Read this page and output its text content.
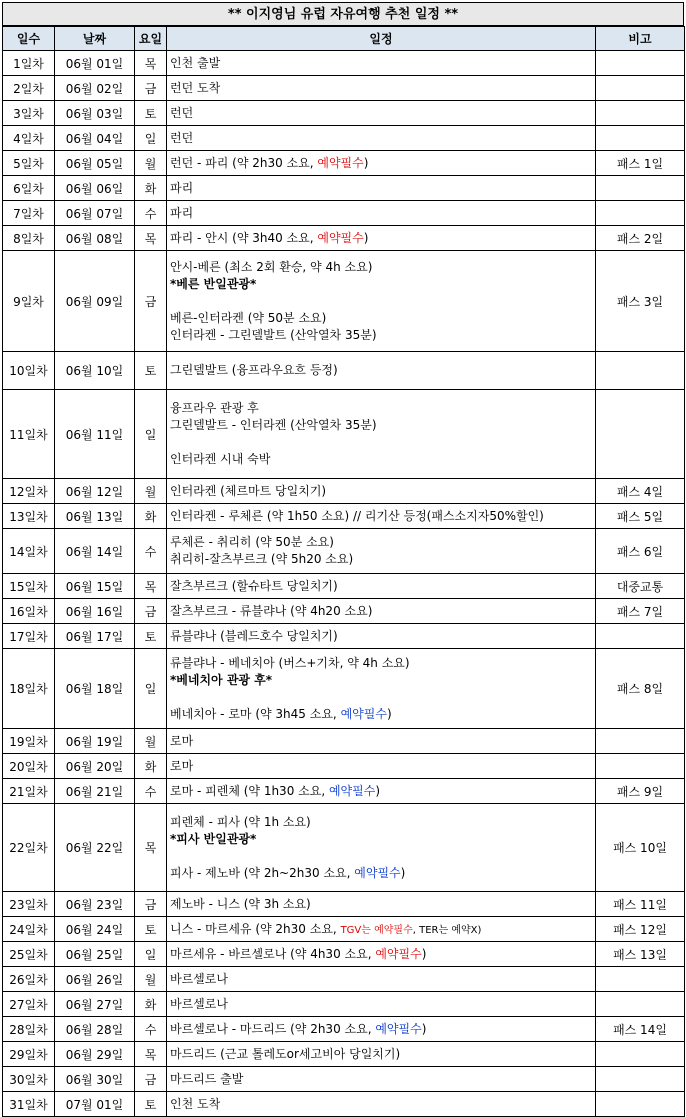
** 이지영님 유럽 자유여행 추천 일정 **
일수	날짜	요일	일정	비고
1일차	06월 01일	목	인천 출발	

2일차	06월 02일	금	런던 도착	

3일차	06월 03일	토	런던	

4일차	06월 04일	일	런던	

5일차	06월 05일	월	런던 - 파리 (약 2h30 소요, 예약필수)	패스 1일
6일차	06월 06일	화	파리	

7일차	06월 07일	수	파리	

8일차	06월 08일	목	파리 - 안시 (약 3h40 소요, 예약필수)	패스 2일
9일차	06월 09일	금	안시-베른 (최소 2회 환승, 약 4h 소요)
*베른 반일관광*
베른-인터라켄 (약 50분 소요)
인터라켄 - 그린델발트 (산악열차 35분)	패스 3일
10일차	06월 10일	토	그린델발트 (융프라우요흐 등정)	

11일차	06월 11일	일	융프라우 관광 후
그린델발트 - 인터라켄 (산악열차 35분)
인터라켄 시내 숙박	

12일차	06월 12일	월	인터라켄 (체르마트 당일치기)	패스 4일
13일차	06월 13일	화	인터라켄 - 루체른 (약 1h50 소요) // 리기산 등정(패스소지자50%할인)	패스 5일
14일차	06월 14일	수	루체른 - 취리히 (약 50분 소요)
취리히-잘츠부르크 (약 5h20 소요)	패스 6일
15일차	06월 15일	목	잘츠부르크 (할슈타트 당일치기)	대중교통
16일차	06월 16일	금	잘츠부르크 - 류블랴나 (약 4h20 소요)	패스 7일
17일차	06월 17일	토	류블랴나 (블레드호수 당일치기)	

18일차	06월 18일	일	류블랴나 - 베네치아 (버스+기차, 약 4h 소요)
*베네치아 관광 후*
베네치아 - 로마 (약 3h45 소요, 예약필수)	패스 8일
19일차	06월 19일	월	로마	

20일차	06월 20일	화	로마	

21일차	06월 21일	수	로마 - 피렌체 (약 1h30 소요, 예약필수)	패스 9일
22일차	06월 22일	목	피렌체 - 피사 (약 1h 소요)
*피사 반일관광*
피사 - 제노바 (약 2h~2h30 소요, 예약필수)	패스 10일
23일차	06월 23일	금	제노바 - 니스 (약 3h 소요)	패스 11일
24일차	06월 24일	토	니스 - 마르세유 (약 2h30 소요, TGV는 예약필수, TER는 예약X)	패스 12일
25일차	06월 25일	일	마르세유 - 바르셀로나 (약 4h30 소요, 예약필수)	패스 13일
26일차	06월 26일	월	바르셀로나	

27일차	06월 27일	화	바르셀로나	

28일차	06월 28일	수	바르셀로나 - 마드리드 (약 2h30 소요, 예약필수)	패스 14일
29일차	06월 29일	목	마드리드 (근교 톨레도or세고비아 당일치기)	

30일차	06월 30일	금	마드리드 출발	

31일차	07월 01일	토	인천 도착	
